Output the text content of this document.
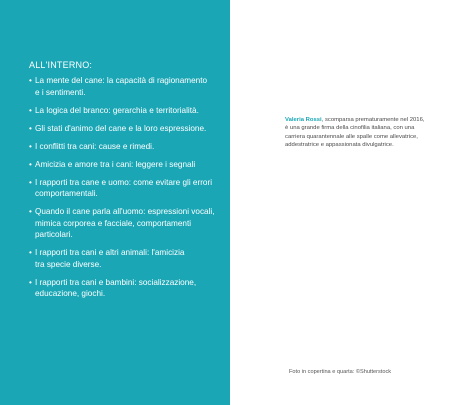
ALL'INTERNO:
• La mente del cane: la capacità di ragionamento
e i sentimenti.
• La logica del branco: gerarchia e territorialità.
• Gli stati d'animo del cane e la loro espressione.
• I conflitti tra cani: cause e rimedi.
• Amicizia e amore tra i cani: leggere i segnali
• I rapporti tra cane e uomo: come evitare gli errori
comportamentali.
• Quando il cane parla all'uomo: espressioni vocali,
mimica corporea e facciale, comportamenti
particolari.
• I rapporti tra cani e altri animali: l'amicizia
tra specie diverse.
• I rapporti tra cani e bambini: socializzazione,
educazione, giochi.
Valeria Rossi, scomparsa prematuramente nel 2016,
è una grande firma della cinofilia italiana, con una
carriera quarantennale alle spalle come allevatrice,
addestratrice e appassionata divulgatrice.
Foto in copertina e quarta: ©Shutterstock
